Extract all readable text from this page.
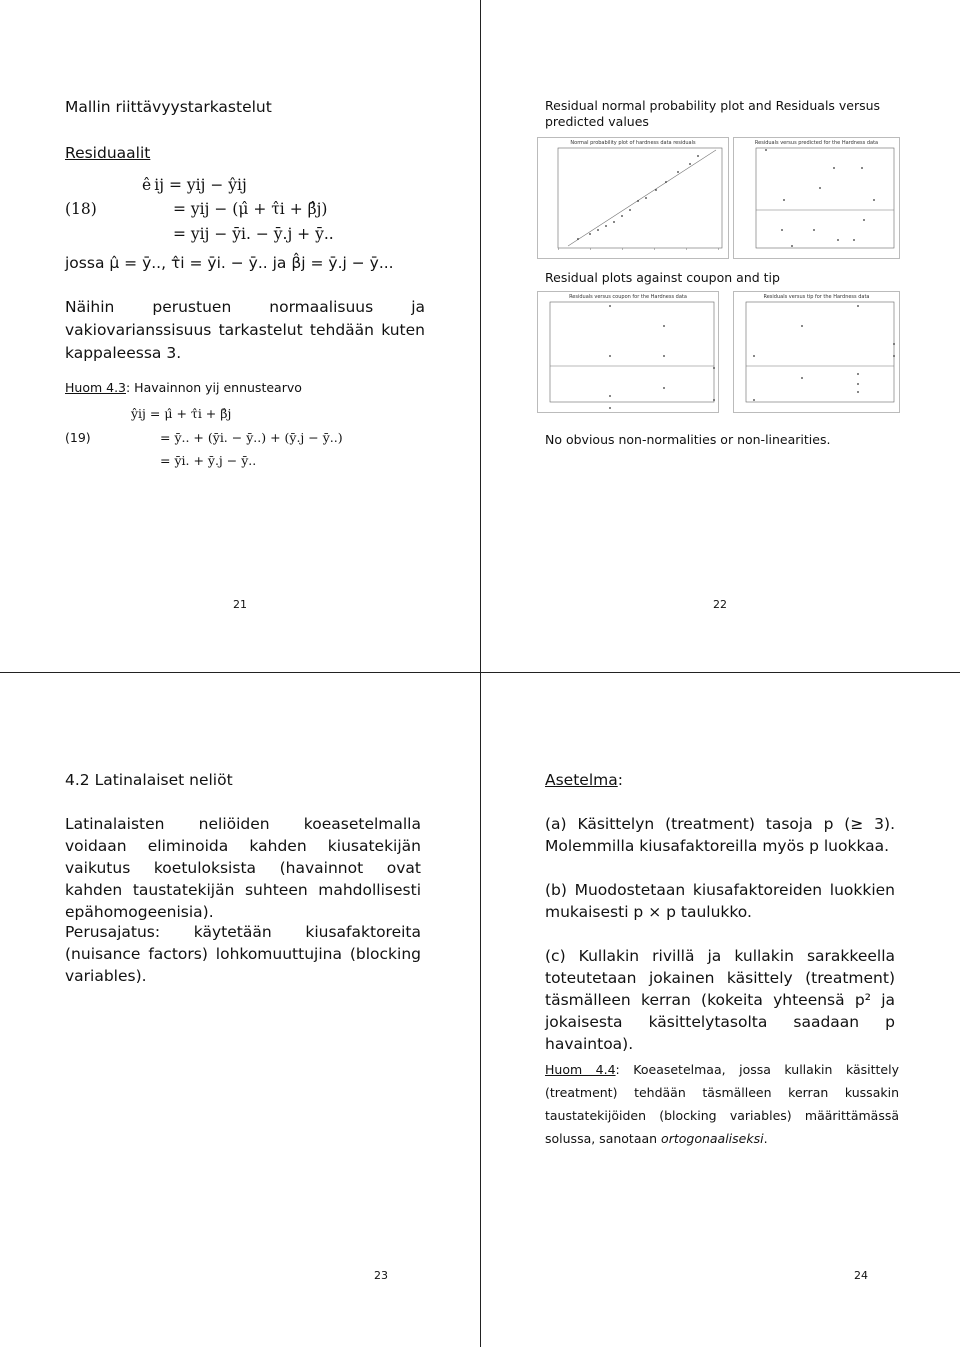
Mallin riittävyystarkastelut
Residuaalit
(18)
ê ij = yij − ŷij
= yij − (μ̂ + τ̂i + β̂j)
= yij − ȳi. − ȳ.j + ȳ..
jossa μ̂ = ȳ.., τ̂i = ȳi. − ȳ.. ja β̂j = ȳ.j − ȳ...
Näihin perustuen normaalisuus ja vakiovarianssisuus tarkastelut tehdään kuten kappaleessa 3.
Huom 4.3: Havainnon yij ennustearvo
(19)
ŷij = μ̂ + τ̂i + β̂j
= ȳ.. + (ȳi. − ȳ..) + (ȳ.j − ȳ..)
= ȳi. + ȳ.j − ȳ..
21
Residual normal probability plot and Residuals versus predicted values
Normal probability plot of hardness data residuals	Residuals versus predicted for the Hardness data
Residual plots against coupon and tip
Residuals versus coupon for the Hardness data	Residuals versus tip for the Hardness data
No obvious non-normalities or non-linearities.
22
4.2 Latinalaiset neliöt
Latinalaisten neliöiden koeasetelmalla voidaan eliminoida kahden kiusatekijän vaikutus koetuloksista (havainnot ovat kahden taustatekijän suhteen mahdollisesti epähomogeenisia).
Perusajatus: käytetään kiusafaktoreita (nuisance factors) lohkomuuttujina (blocking variables).
23
Asetelma:
(a) Käsittelyn (treatment) tasoja p (≥ 3). Molemmilla kiusafaktoreilla myös p luokkaa.
(b) Muodostetaan kiusafaktoreiden luokkien mukaisesti p × p taulukko.
(c) Kullakin rivillä ja kullakin sarakkeella toteutetaan jokainen käsittely (treatment) täsmälleen kerran (kokeita yhteensä p² ja jokaisesta käsittelytasolta saadaan p havaintoa).
Huom 4.4: Koeasetelmaa, jossa kullakin käsittely (treatment) tehdään täsmälleen kerran kussakin taustatekijöiden (blocking variables) määrittämässä solussa, sanotaan ortogonaaliseksi.
24
